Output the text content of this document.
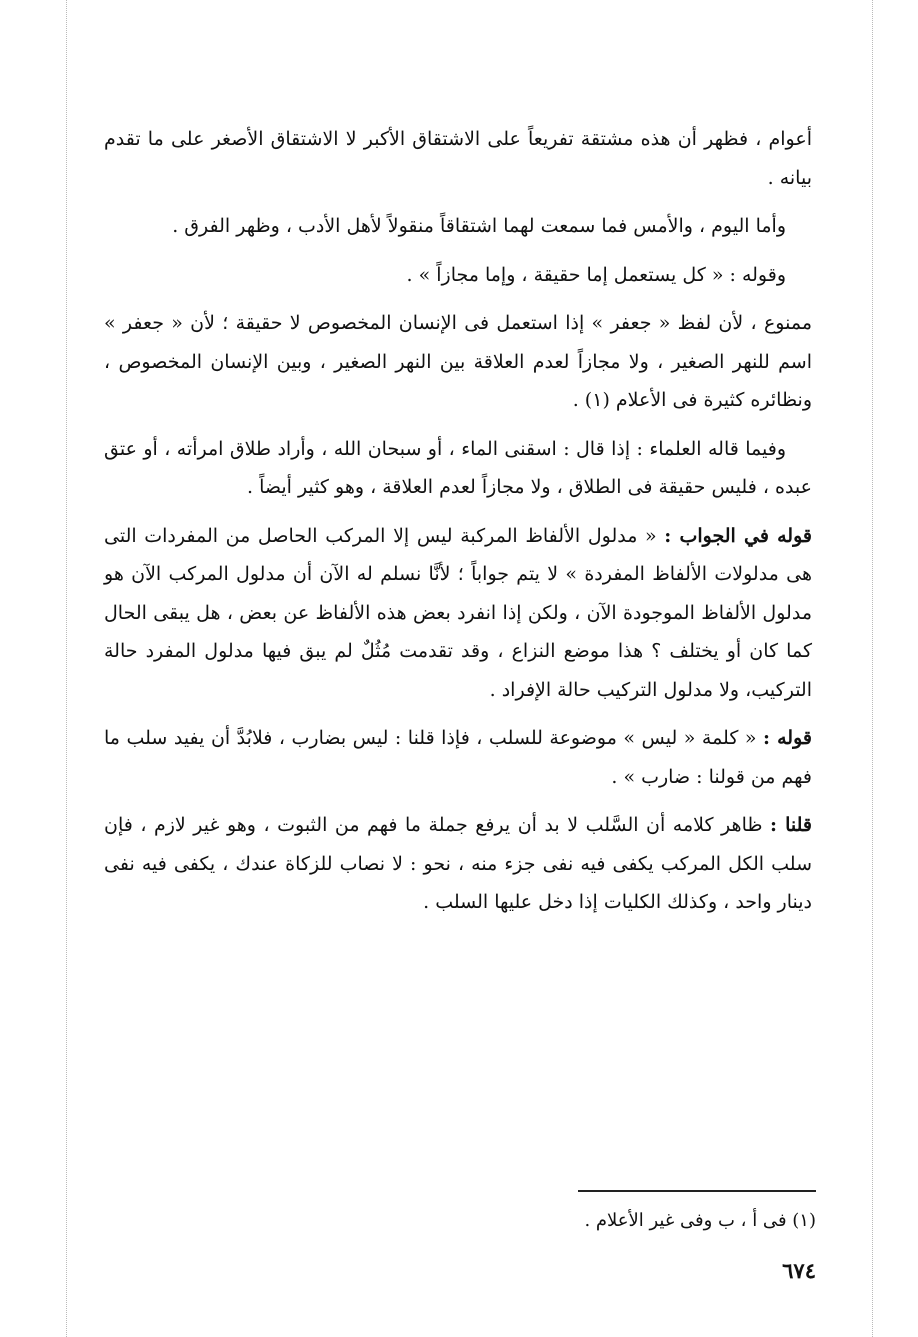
أعوام ، فظهر أن هذه مشتقة تفريعاً على الاشتقاق الأكبر لا الاشتقاق الأصغر على ما تقدم بيانه .

وأما اليوم ، والأمس فما سمعت لهما اشتقاقاً منقولاً لأهل الأدب ، وظهر الفرق .

وقوله : « كل يستعمل إما حقيقة ، وإما مجازاً » .

ممنوع ، لأن لفظ « جعفر » إذا استعمل فى الإنسان المخصوص لا حقيقة ؛ لأن « جعفر » اسم للنهر الصغير ، ولا مجازاً لعدم العلاقة بين النهر الصغير ، وبين الإنسان المخصوص ، ونظائره كثيرة فى الأعلام (١) .

وفيما قاله العلماء : إذا قال : اسقنى الماء ، أو سبحان الله ، وأراد طلاق امرأته ، أو عتق عبده ، فليس حقيقة فى الطلاق ، ولا مجازاً لعدم العلاقة ، وهو كثير أيضاً .

قوله في الجواب : « مدلول الألفاظ المركبة ليس إلا المركب الحاصل من المفردات التى هى مدلولات الألفاظ المفردة » لا يتم جواباً ؛ لأنَّا نسلم له الآن أن مدلول المركب الآن هو مدلول الألفاظ الموجودة الآن ، ولكن إذا انفرد بعض هذه الألفاظ عن بعض ، هل يبقى الحال كما كان أو يختلف ؟ هذا موضع النزاع ، وقد تقدمت مُثُلٌ لم يبق فيها مدلول المفرد حالة التركيب، ولا مدلول التركيب حالة الإفراد .

قوله : « كلمة « ليس » موضوعة للسلب ، فإذا قلنا : ليس بضارب ، فلابُدَّ أن يفيد سلب ما فهم من قولنا : ضارب » .

قلنا : ظاهر كلامه أن السَّلب لا بد أن يرفع جملة ما فهم من الثبوت ، وهو غير لازم ، فإن سلب الكل المركب يكفى فيه نفى جزء منه ، نحو : لا نصاب للزكاة عندك ، يكفى فيه نفى دينار واحد ، وكذلك الكليات إذا دخل عليها السلب .

(١) فى أ ، ب وفى غير الأعلام .
٦٧٤
